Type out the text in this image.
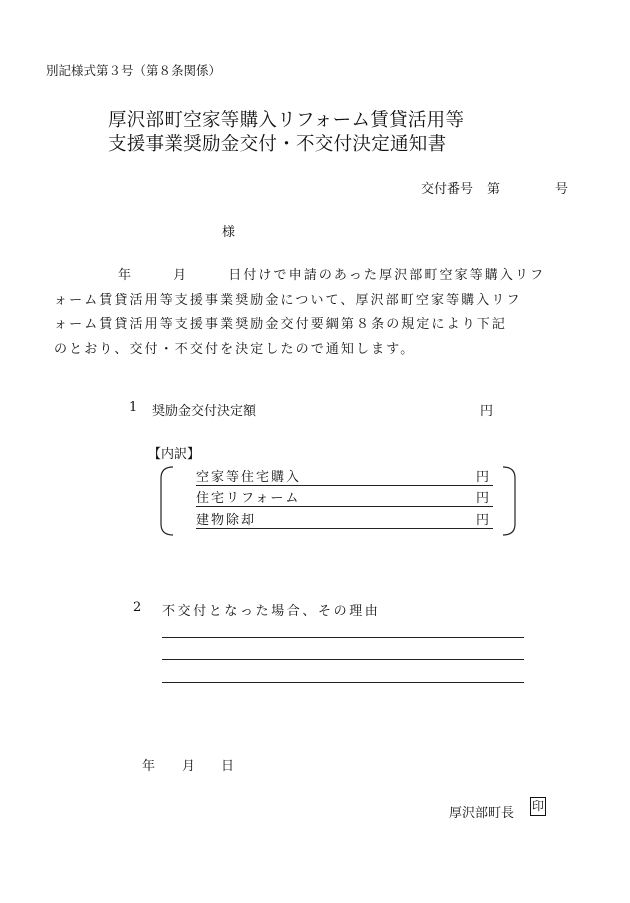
別記様式第３号（第８条関係）
厚沢部町空家等購入リフォーム賃貸活用等
支援事業奨励金交付・不交付決定通知書
交付番号 第	号
様
年	月	日付けで申請のあった厚沢部町空家等購入リフ
ォーム賃貸活用等支援事業奨励金について、厚沢部町空家等購入リフ
ォーム賃貸活用等支援事業奨励金交付要綱第８条の規定により下記
のとおり、交付・不交付を決定したので通知します。
1 奨励金交付決定額	円
【内訳】
空家等住宅購入	円
住宅リフォーム	円
建物除却	円
2 不交付となった場合、その理由
年 月 日
厚沢部町長 印
